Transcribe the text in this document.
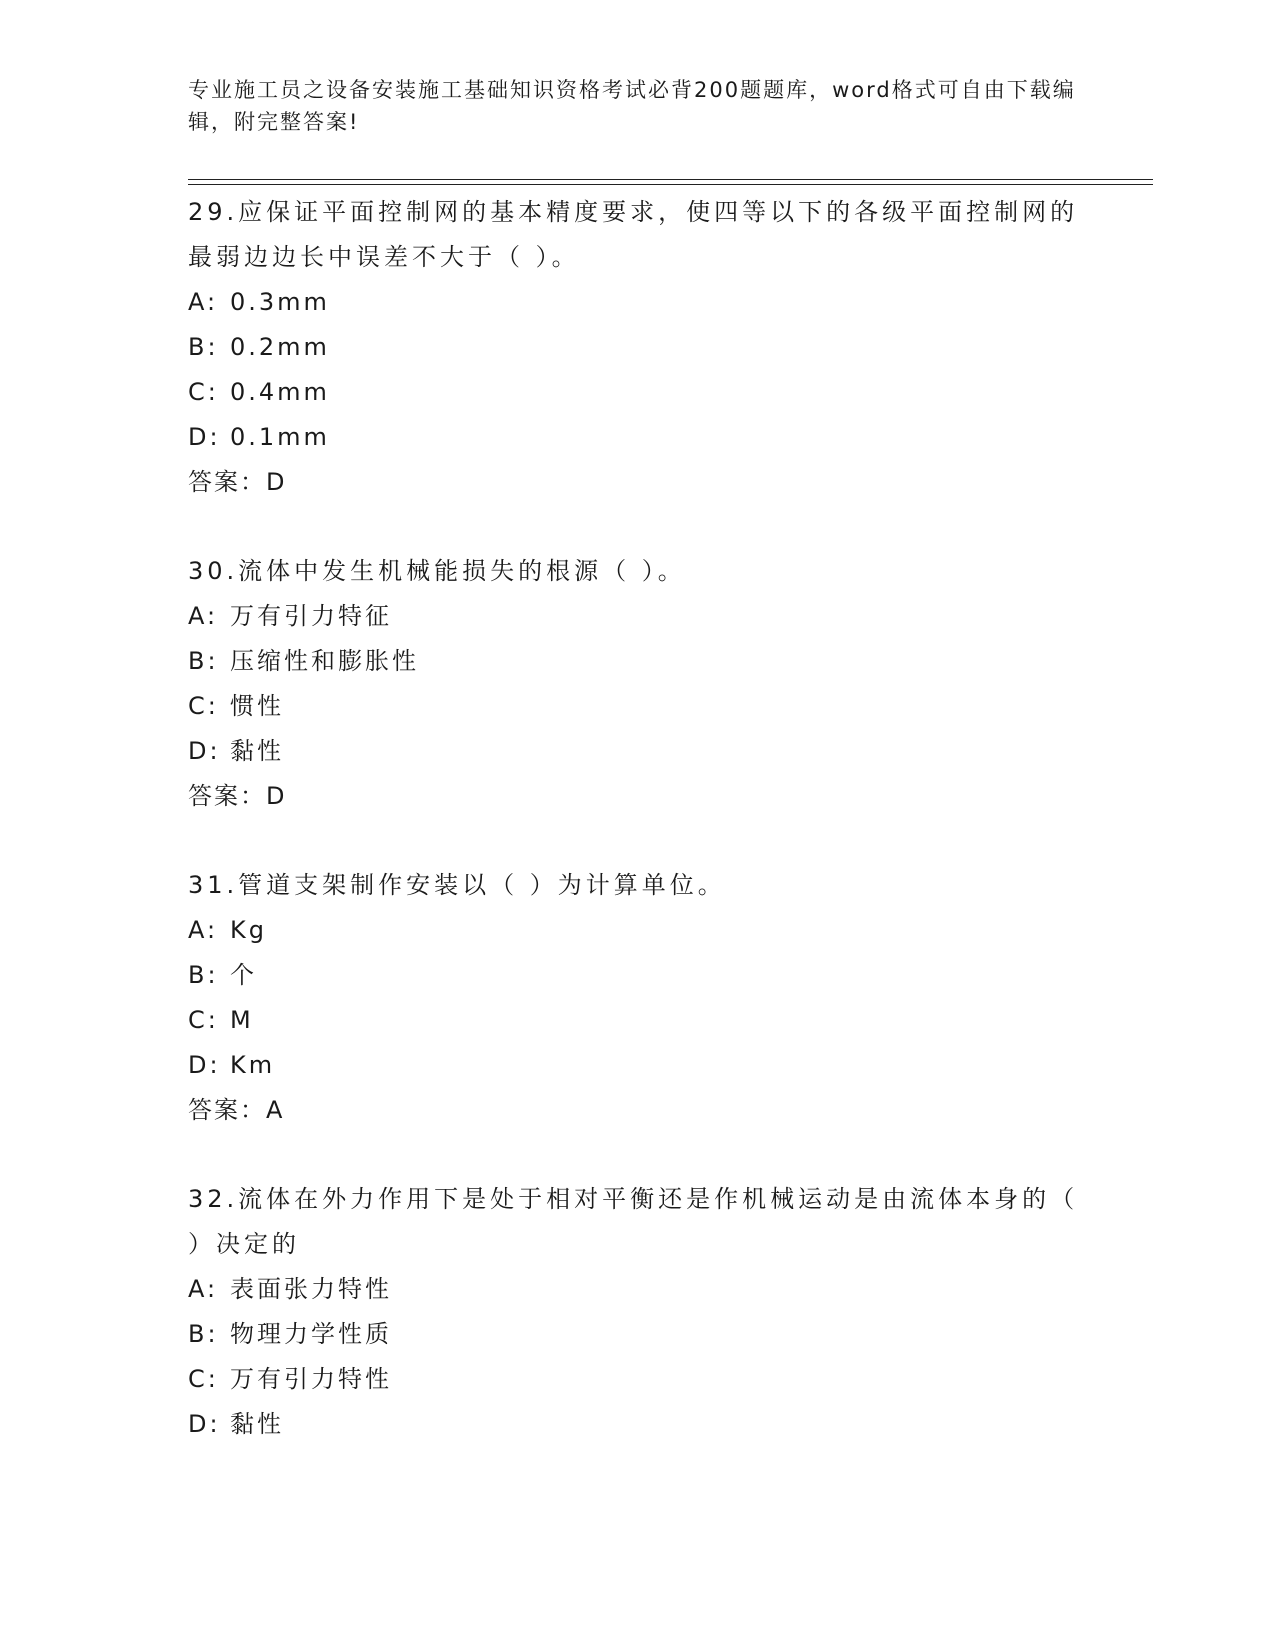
专业施工员之设备安装施工基础知识资格考试必背200题题库，word格式可自由下载编辑，附完整答案!

29.应保证平面控制网的基本精度要求，使四等以下的各级平面控制网的最弱边边长中误差不大于（ ）。

A: 0.3mm

B: 0.2mm

C: 0.4mm

D: 0.1mm

答案：D

30.流体中发生机械能损失的根源（ ）。

A: 万有引力特征

B: 压缩性和膨胀性

C: 惯性

D: 黏性

答案：D

31.管道支架制作安装以（ ）为计算单位。

A: Kg

B: 个

C: M

D: Km

答案：A

32.流体在外力作用下是处于相对平衡还是作机械运动是由流体本身的（ ）决定的

A: 表面张力特性

B: 物理力学性质

C: 万有引力特性

D: 黏性
